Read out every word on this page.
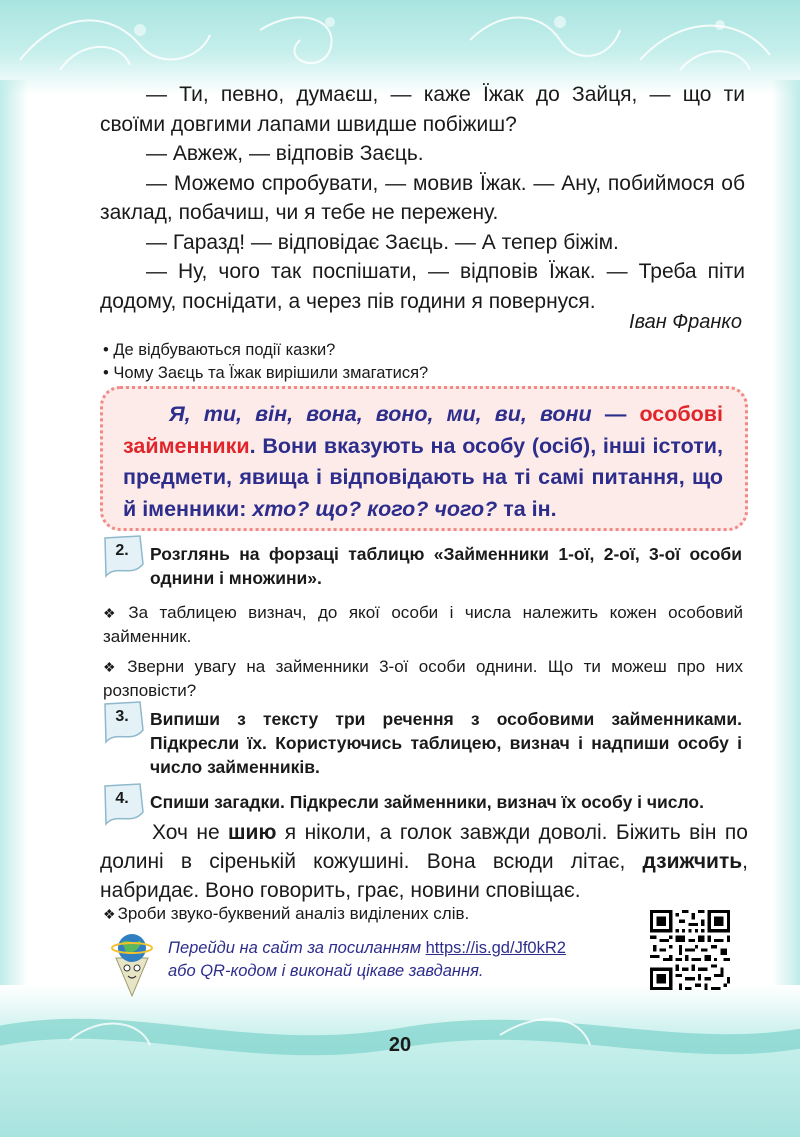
— Ти, певно, думаєш, — каже Їжак до Зайця, — що ти своїми довгими лапами швидше побіжиш?
— Авжеж, — відповів Заєць.
— Можемо спробувати, — мовив Їжак. — Ану, побиймося об заклад, побачиш, чи я тебе не пережену.
— Гаразд! — відповідає Заєць. — А тепер біжім.
— Ну, чого так поспішати, — відповів Їжак. — Треба піти додому, поснідати, а через пів години я повернуся.
Іван Франко
• Де відбуваються події казки?
• Чому Заєць та Їжак вирішили змагатися?
Я, ти, він, вона, воно, ми, ви, вони — особові займенники. Вони вказують на особу (осіб), інші істоти, предмети, явища і відповідають на ті самі питання, що й іменники: хто? що? кого? чого? та ін.
2.	Розглянь на форзаці таблицю «Займенники 1-ої, 2-ої, 3-ої особи однини і множини».
❖ За таблицею визнач, до якої особи і числа належить кожен особовий займенник.
❖ Зверни увагу на займенники 3-ої особи однини. Що ти можеш про них розповісти?
3.	Випиши з тексту три речення з особовими займенниками. Підкресли їх. Користуючись таблицею, визнач і надпиши особу і число займенників.
4.	Спиши загадки. Підкресли займенники, визнач їх особу і число.
Хоч не шию я ніколи, а голок завжди доволі. Біжить він по долині в сіренькій кожушині. Вона всюди літає, дзижчить, набридає. Воно говорить, грає, новини сповіщає.
❖ Зроби звуко-буквений аналіз виділених слів.
Перейди на сайт за посиланням https://is.gd/Jf0kR2
або QR-кодом і виконай цікаве завдання.
20
